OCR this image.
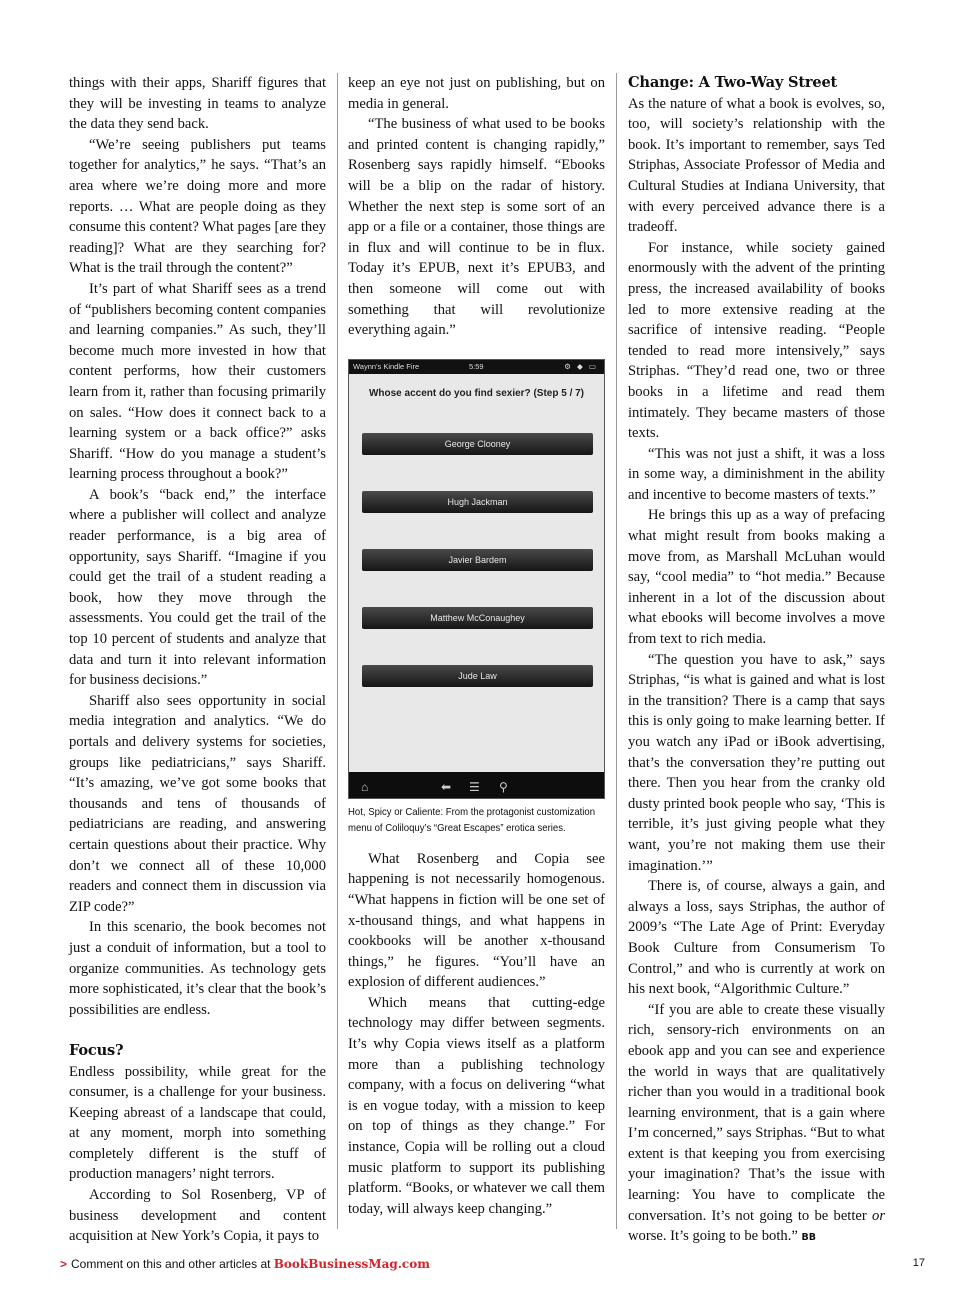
things with their apps, Shariff figures that they will be investing in teams to analyze the data they send back.

“We’re seeing publishers put teams together for analytics,” he says. “That’s an area where we’re doing more and more reports. … What are people doing as they consume this content? What pages [are they reading]? What are they searching for? What is the trail through the content?”

It’s part of what Shariff sees as a trend of “publishers becoming content companies and learning companies.” As such, they’ll become much more invested in how that content performs, how their customers learn from it, rather than focusing primarily on sales. “How does it connect back to a learning system or a back office?” asks Shariff. “How do you manage a student’s learning process throughout a book?”

A book’s “back end,” the interface where a publisher will collect and analyze reader performance, is a big area of opportunity, says Shariff. “Imagine if you could get the trail of a student reading a book, how they move through the assessments. You could get the trail of the top 10 percent of students and analyze that data and turn it into relevant information for business decisions.”

Shariff also sees opportunity in social media integration and analytics. “We do portals and delivery systems for societies, groups like pediatricians,” says Shariff. “It’s amazing, we’ve got some books that thousands and tens of thousands of pediatricians are reading, and answering certain questions about their practice. Why don’t we connect all of these 10,000 readers and connect them in discussion via ZIP code?”

In this scenario, the book becomes not just a conduit of information, but a tool to organize communities. As technology gets more sophisticated, it’s clear that the book’s possibilities are endless.

Focus?

Endless possibility, while great for the consumer, is a challenge for your business. Keeping abreast of a landscape that could, at any moment, morph into something completely different is the stuff of production managers’ night terrors.

According to Sol Rosenberg, VP of business development and content acquisition at New York’s Copia, it pays to

keep an eye not just on publishing, but on media in general.

“The business of what used to be books and printed content is changing rapidly,” Rosenberg says rapidly himself. “Ebooks will be a blip on the radar of history. Whether the next step is some sort of an app or a file or a container, those things are in flux and will continue to be in flux. Today it’s EPUB, next it’s EPUB3, and then someone will come out with something that will revolutionize everything again.”

Waynn's Kindle Fire	5:59	⚙ ◆ ▭
Whose accent do you find sexier? (Step 5 / 7)
George Clooney
Hugh Jackman
Javier Bardem
Matthew McConaughey
Jude Law
⌂	⬅ ☰ ⚲
Hot, Spicy or Caliente: From the protagonist customization menu of Coliloquy’s “Great Escapes” erotica series.

What Rosenberg and Copia see happening is not necessarily homogenous. “What happens in fiction will be one set of x-thousand things, and what happens in cookbooks will be another x-thousand things,” he figures. “You’ll have an explosion of different audiences.”

Which means that cutting-edge technology may differ between segments. It’s why Copia views itself as a platform more than a publishing technology company, with a focus on delivering “what is en vogue today, with a mission to keep on top of things as they change.” For instance, Copia will be rolling out a cloud music platform to support its publishing platform. “Books, or whatever we call them today, will always keep changing.”

Change: A Two-Way Street

As the nature of what a book is evolves, so, too, will society’s relationship with the book. It’s important to remember, says Ted Striphas, Associate Professor of Media and Cultural Studies at Indiana University, that with every perceived advance there is a tradeoff.

For instance, while society gained enormously with the advent of the printing press, the increased availability of books led to more extensive reading at the sacrifice of intensive reading. “People tended to read more intensively,” says Striphas. “They’d read one, two or three books in a lifetime and read them intimately. They became masters of those texts.

“This was not just a shift, it was a loss in some way, a diminishment in the ability and incentive to become masters of texts.”

He brings this up as a way of prefacing what might result from books making a move from, as Marshall McLuhan would say, “cool media” to “hot media.” Because inherent in a lot of the discussion about what ebooks will become involves a move from text to rich media.

“The question you have to ask,” says Striphas, “is what is gained and what is lost in the transition? There is a camp that says this is only going to make learning better. If you watch any iPad or iBook advertising, that’s the conversation they’re putting out there. Then you hear from the cranky old dusty printed book people who say, ‘This is terrible, it’s just giving people what they want, you’re not making them use their imagination.’”

There is, of course, always a gain, and always a loss, says Striphas, the author of 2009’s “The Late Age of Print: Everyday Book Culture from Consumerism To Control,” and who is currently at work on his next book, “Algorithmic Culture.”

“If you are able to create these visually rich, sensory-rich environments on an ebook app and you can see and experience the world in ways that are qualitatively richer than you would in a traditional book learning environment, that is a gain where I’m concerned,” says Striphas. “But to what extent is that keeping you from exercising your imagination? That’s the issue with learning: You have to complicate the conversation. It’s not going to be better or worse. It’s going to be both.” BB

> Comment on this and other articles at BookBusinessMag.com	17
